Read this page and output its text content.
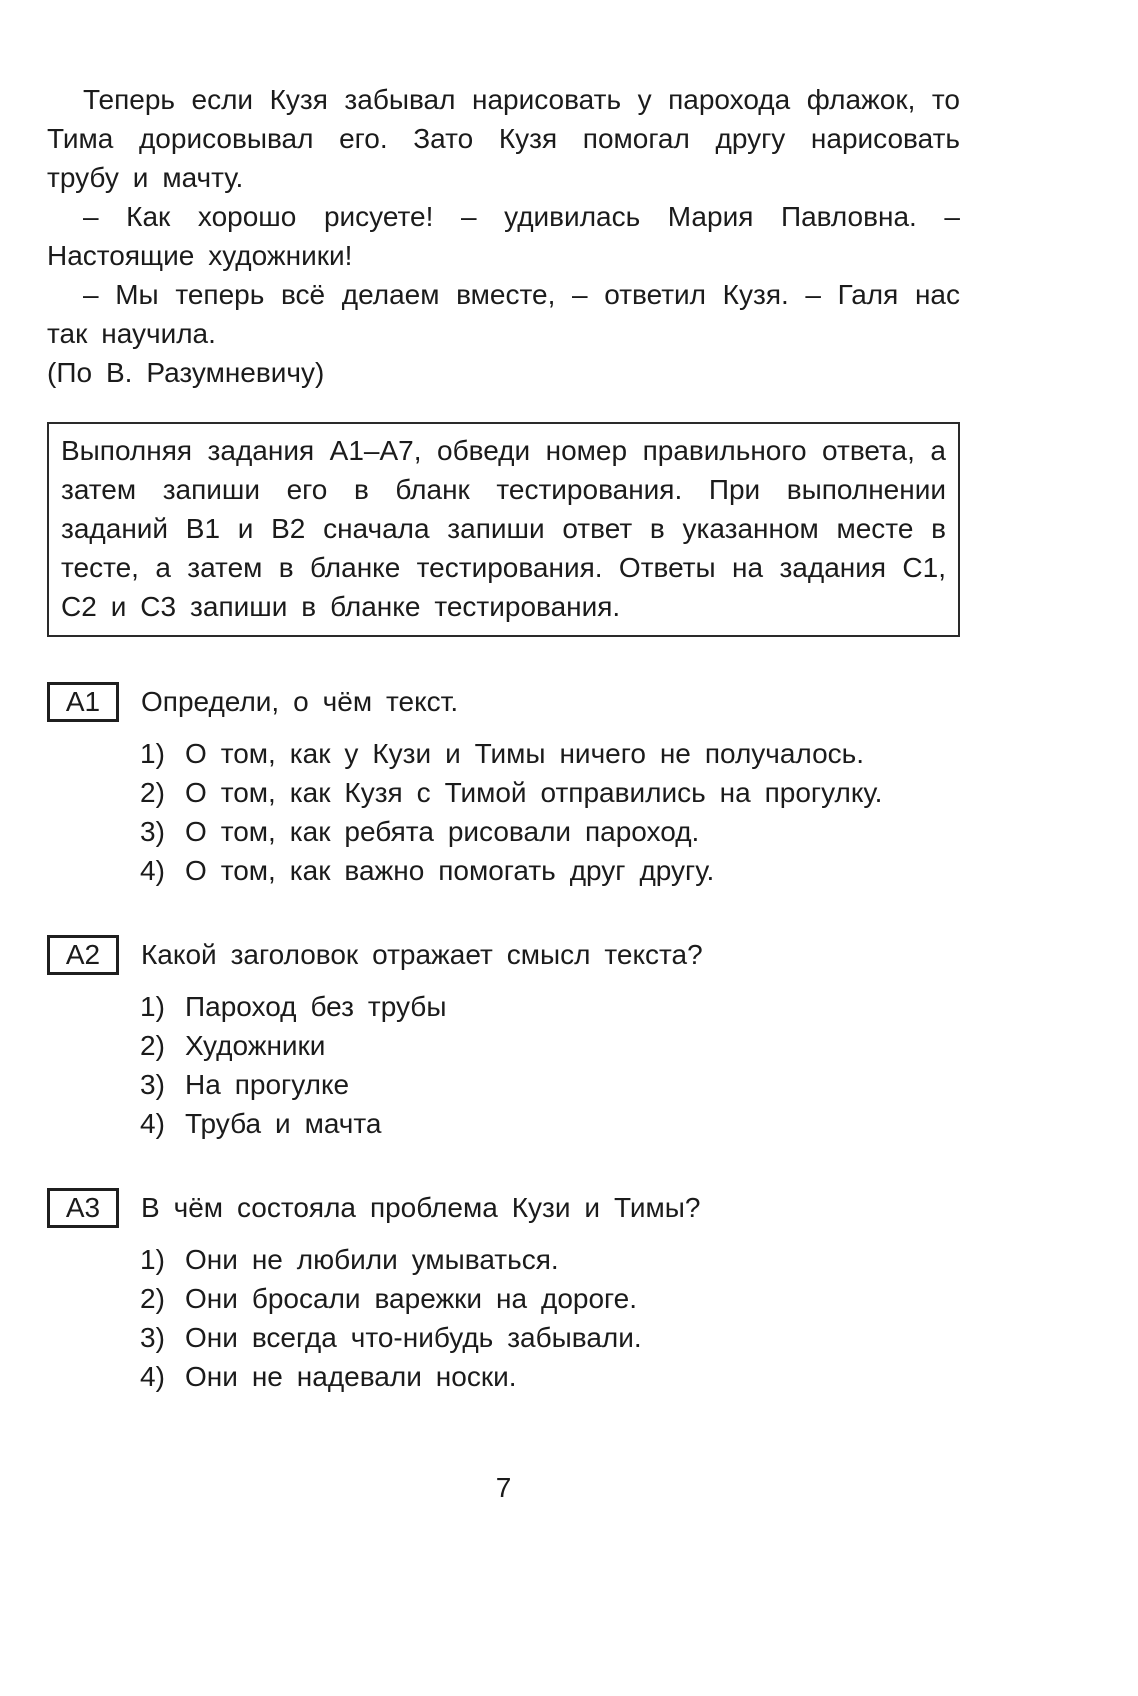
Теперь если Кузя забывал нарисовать у парохода флажок, то Тима дорисовывал его. Зато Кузя помогал другу нарисовать трубу и мачту.

– Как хорошо рисуете! – удивилась Мария Павловна. – Настоящие художники!

– Мы теперь всё делаем вместе, – ответил Кузя. – Галя нас так научила.

(По В. Разумневичу)

Выполняя задания А1–А7, обведи номер правильного ответа, а затем запиши его в бланк тестирования. При выполнении заданий В1 и В2 сначала запиши ответ в указанном месте в тесте, а затем в бланке тестирования. Ответы на задания С1, С2 и С3 запиши в бланке тестирования.
А1	Определи, о чём текст.
1) О том, как у Кузи и Тимы ничего не получалось.
2) О том, как Кузя с Тимой отправились на прогулку.
3) О том, как ребята рисовали пароход.
4) О том, как важно помогать друг другу.
А2	Какой заголовок отражает смысл текста?
1) Пароход без трубы
2) Художники
3) На прогулке
4) Труба и мачта
А3	В чём состояла проблема Кузи и Тимы?
1) Они не любили умываться.
2) Они бросали варежки на дороге.
3) Они всегда что-нибудь забывали.
4) Они не надевали носки.
7
